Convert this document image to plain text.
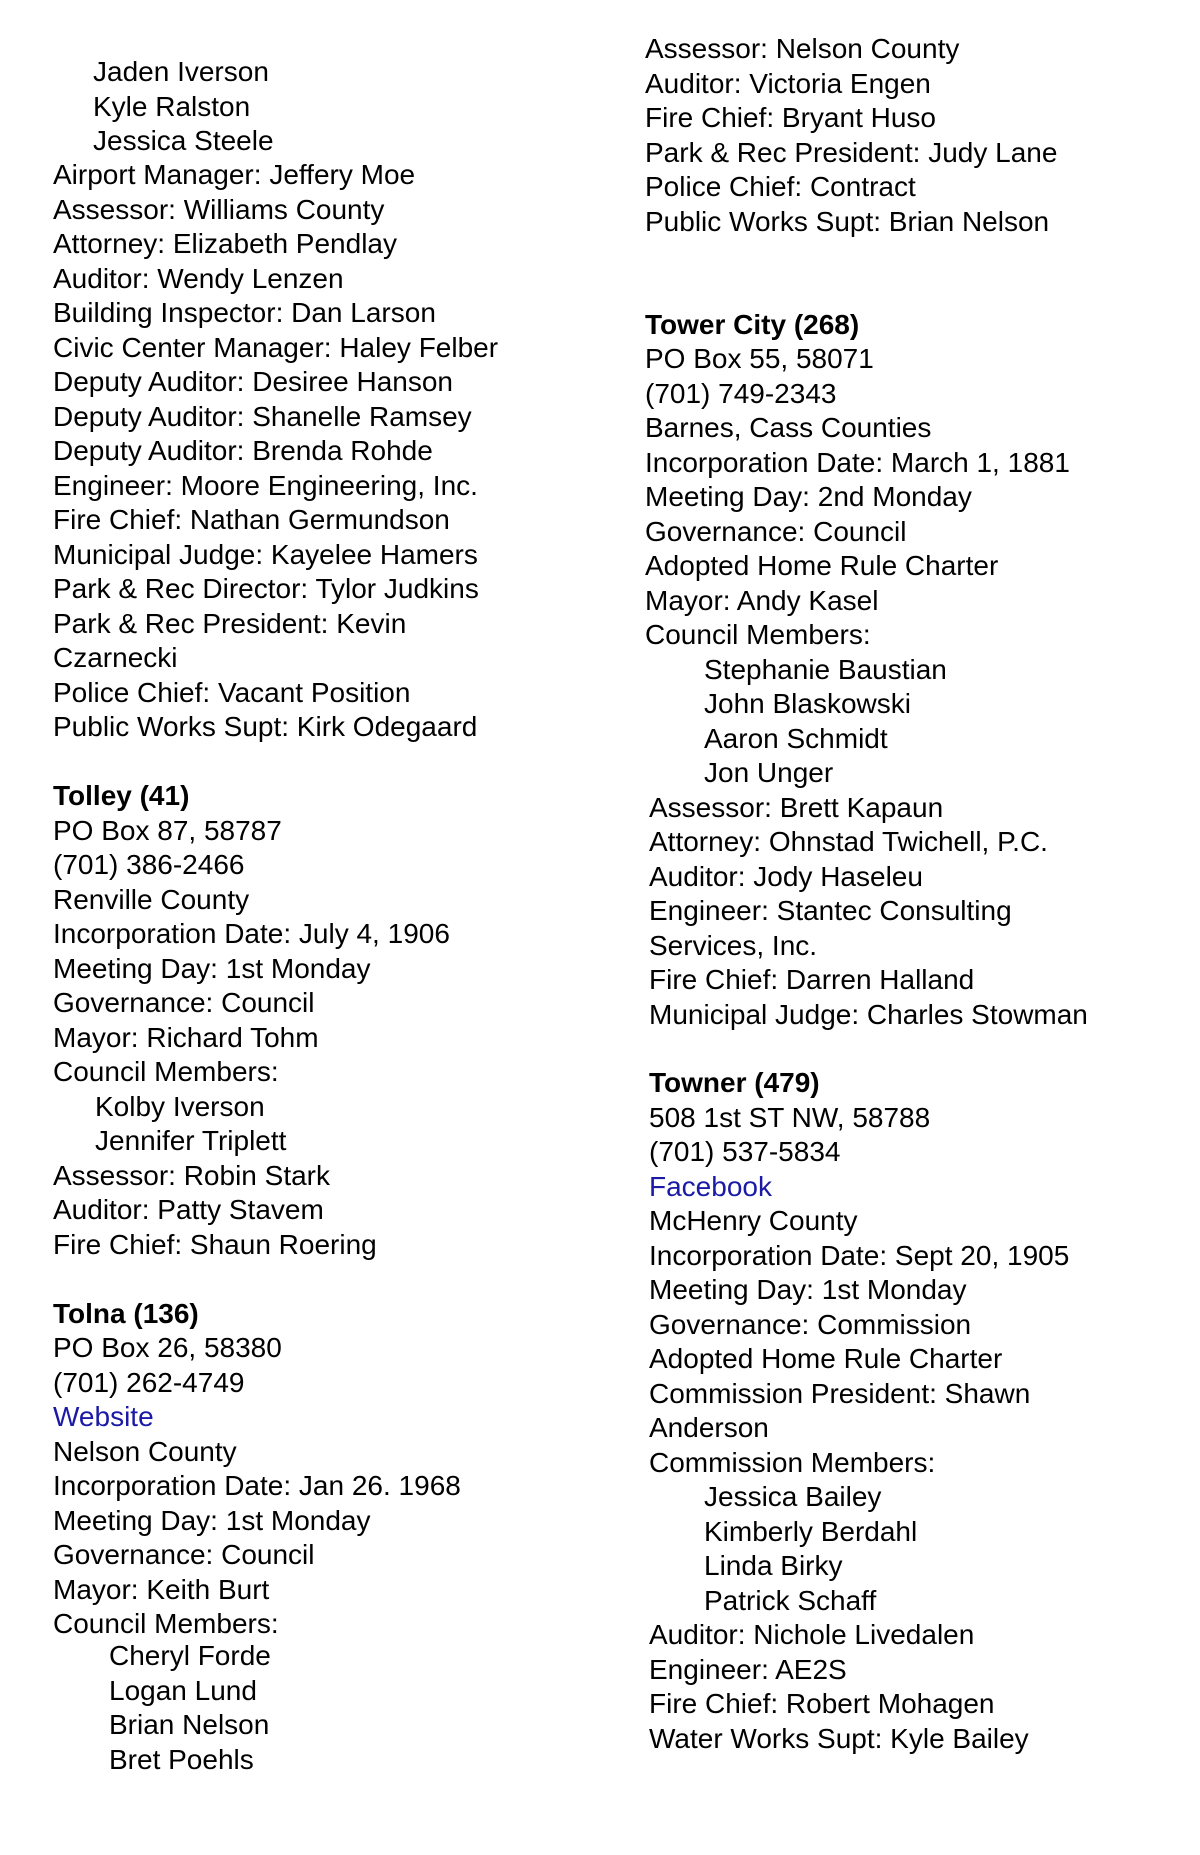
Jaden Iverson
Kyle Ralston
Jessica Steele
Airport Manager: Jeffery Moe
Assessor: Williams County
Attorney: Elizabeth Pendlay
Auditor: Wendy Lenzen
Building Inspector: Dan Larson
Civic Center Manager: Haley Felber
Deputy Auditor: Desiree Hanson
Deputy Auditor: Shanelle Ramsey
Deputy Auditor: Brenda Rohde
Engineer: Moore Engineering, Inc.
Fire Chief: Nathan Germundson
Municipal Judge: Kayelee Hamers
Park & Rec Director: Tylor Judkins
Park & Rec President: Kevin
Czarnecki
Police Chief: Vacant Position
Public Works Supt: Kirk Odegaard
Tolley (41)
PO Box 87, 58787
(701) 386-2466
Renville County
Incorporation Date: July 4, 1906
Meeting Day: 1st Monday
Governance: Council
Mayor: Richard Tohm
Council Members:
Kolby Iverson
Jennifer Triplett
Assessor: Robin Stark
Auditor: Patty Stavem
Fire Chief: Shaun Roering
Tolna (136)
PO Box 26, 58380
(701) 262-4749
Website
Nelson County
Incorporation Date: Jan 26. 1968
Meeting Day: 1st Monday
Governance: Council
Mayor: Keith Burt
Council Members:
Cheryl Forde
Logan Lund
Brian Nelson
Bret Poehls
Assessor: Nelson County
Auditor: Victoria Engen
Fire Chief: Bryant Huso
Park & Rec President: Judy Lane
Police Chief: Contract
Public Works Supt: Brian Nelson
Tower City (268)
PO Box 55, 58071
(701) 749-2343
Barnes, Cass Counties
Incorporation Date: March 1, 1881
Meeting Day: 2nd Monday
Governance: Council
Adopted Home Rule Charter
Mayor: Andy Kasel
Council Members:
Stephanie Baustian
John Blaskowski
Aaron Schmidt
Jon Unger
Assessor: Brett Kapaun
Attorney: Ohnstad Twichell, P.C.
Auditor: Jody Haseleu
Engineer: Stantec Consulting
Services, Inc.
Fire Chief: Darren Halland
Municipal Judge: Charles Stowman
Towner (479)
508 1st ST NW, 58788
(701) 537-5834
Facebook
McHenry County
Incorporation Date: Sept 20, 1905
Meeting Day: 1st Monday
Governance: Commission
Adopted Home Rule Charter
Commission President: Shawn
Anderson
Commission Members:
Jessica Bailey
Kimberly Berdahl
Linda Birky
Patrick Schaff
Auditor: Nichole Livedalen
Engineer: AE2S
Fire Chief: Robert Mohagen
Water Works Supt: Kyle Bailey
